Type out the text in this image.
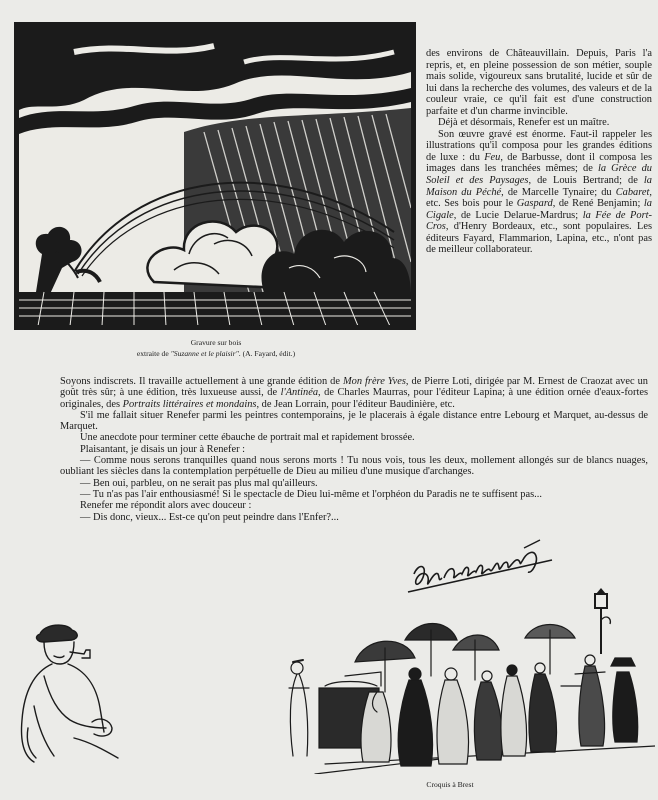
Gravure sur bois
extraite de "Suzanne et le plaisir". (A. Fayard, édit.)

des environs de Châteauvillain. Depuis, Paris l'a repris, et, en pleine possession de son métier, souple mais solide, vigoureux sans brutalité, lucide et sûr de lui dans la recherche des volumes, des valeurs et de la couleur vraie, ce qu'il fait est d'une construction parfaite et d'un charme invincible.

Déjà et désormais, Renefer est un maître.

Son œuvre gravé est énorme. Faut-il rappeler les illustrations qu'il composa pour les grandes éditions de luxe : du Feu, de Barbusse, dont il composa les images dans les tranchées mêmes; de la Grèce du Soleil et des Paysages, de Louis Bertrand; de la Maison du Péché, de Marcelle Tynaire; du Cabaret, etc. Ses bois pour le Gaspard, de René Benjamin; la Cigale, de Lucie Delarue-Mardrus; la Fée de Port-Cros, d'Henry Bordeaux, etc., sont populaires. Les éditeurs Fayard, Flammarion, Lapina, etc., n'ont pas de meilleur collaborateur.

Soyons indiscrets. Il travaille actuellement à une grande édition de Mon frère Yves, de Pierre Loti, dirigée par M. Ernest de Craozat avec un goût très sûr; à une édition, très luxueuse aussi, de l'Antinéa, de Charles Maurras, pour l'éditeur Lapina; à une édition ornée d'eaux-fortes originales, des Portraits littéraires et mondains, de Jean Lorrain, pour l'éditeur Baudinière, etc.

S'il me fallait situer Renefer parmi les peintres contemporains, je le placerais à égale distance entre Lebourg et Marquet, au-dessus de Marquet.

Une anecdote pour terminer cette ébauche de portrait mal et rapidement brossée.

Plaisantant, je disais un jour à Renefer :

— Comme nous serons tranquilles quand nous serons morts ! Tu nous vois, tous les deux, mollement allongés sur de blancs nuages, oubliant les siècles dans la contemplation perpétuelle de Dieu au milieu d'une musique d'archanges.

— Ben oui, parbleu, on ne serait pas plus mal qu'ailleurs.

— Tu n'as pas l'air enthousiasmé! Si le spectacle de Dieu lui-même et l'orphéon du Paradis ne te suffisent pas...

Renefer me répondit alors avec douceur :

— Dis donc, vieux... Est-ce qu'on peut peindre dans l'Enfer?...

Croquis à Brest
